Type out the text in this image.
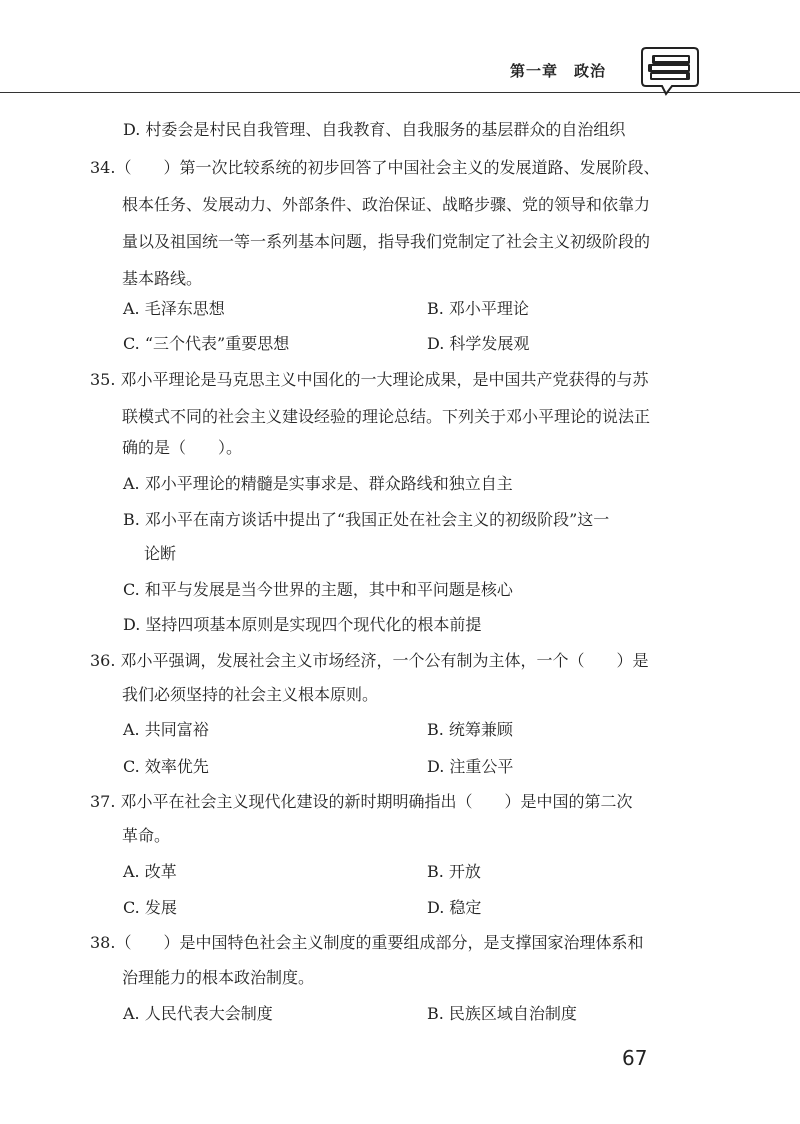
第一章　政治
D. 村委会是村民自我管理、自我教育、自我服务的基层群众的自治组织
34.（　　）第一次比较系统的初步回答了中国社会主义的发展道路、发展阶段、
根本任务、发展动力、外部条件、政治保证、战略步骤、党的领导和依靠力
量以及祖国统一等一系列基本问题，指导我们党制定了社会主义初级阶段的
基本路线。
A. 毛泽东思想	B. 邓小平理论
C. “三个代表”重要思想	D. 科学发展观
35. 邓小平理论是马克思主义中国化的一大理论成果，是中国共产党获得的与苏
联模式不同的社会主义建设经验的理论总结。下列关于邓小平理论的说法正
确的是（　　）。
A. 邓小平理论的精髓是实事求是、群众路线和独立自主
B. 邓小平在南方谈话中提出了“我国正处在社会主义的初级阶段”这一
论断
C. 和平与发展是当今世界的主题，其中和平问题是核心
D. 坚持四项基本原则是实现四个现代化的根本前提
36. 邓小平强调，发展社会主义市场经济，一个公有制为主体，一个（　　）是
我们必须坚持的社会主义根本原则。
A. 共同富裕	B. 统筹兼顾
C. 效率优先	D. 注重公平
37. 邓小平在社会主义现代化建设的新时期明确指出（　　）是中国的第二次
革命。
A. 改革	B. 开放
C. 发展	D. 稳定
38.（　　）是中国特色社会主义制度的重要组成部分，是支撑国家治理体系和
治理能力的根本政治制度。
A. 人民代表大会制度	B. 民族区域自治制度
67
